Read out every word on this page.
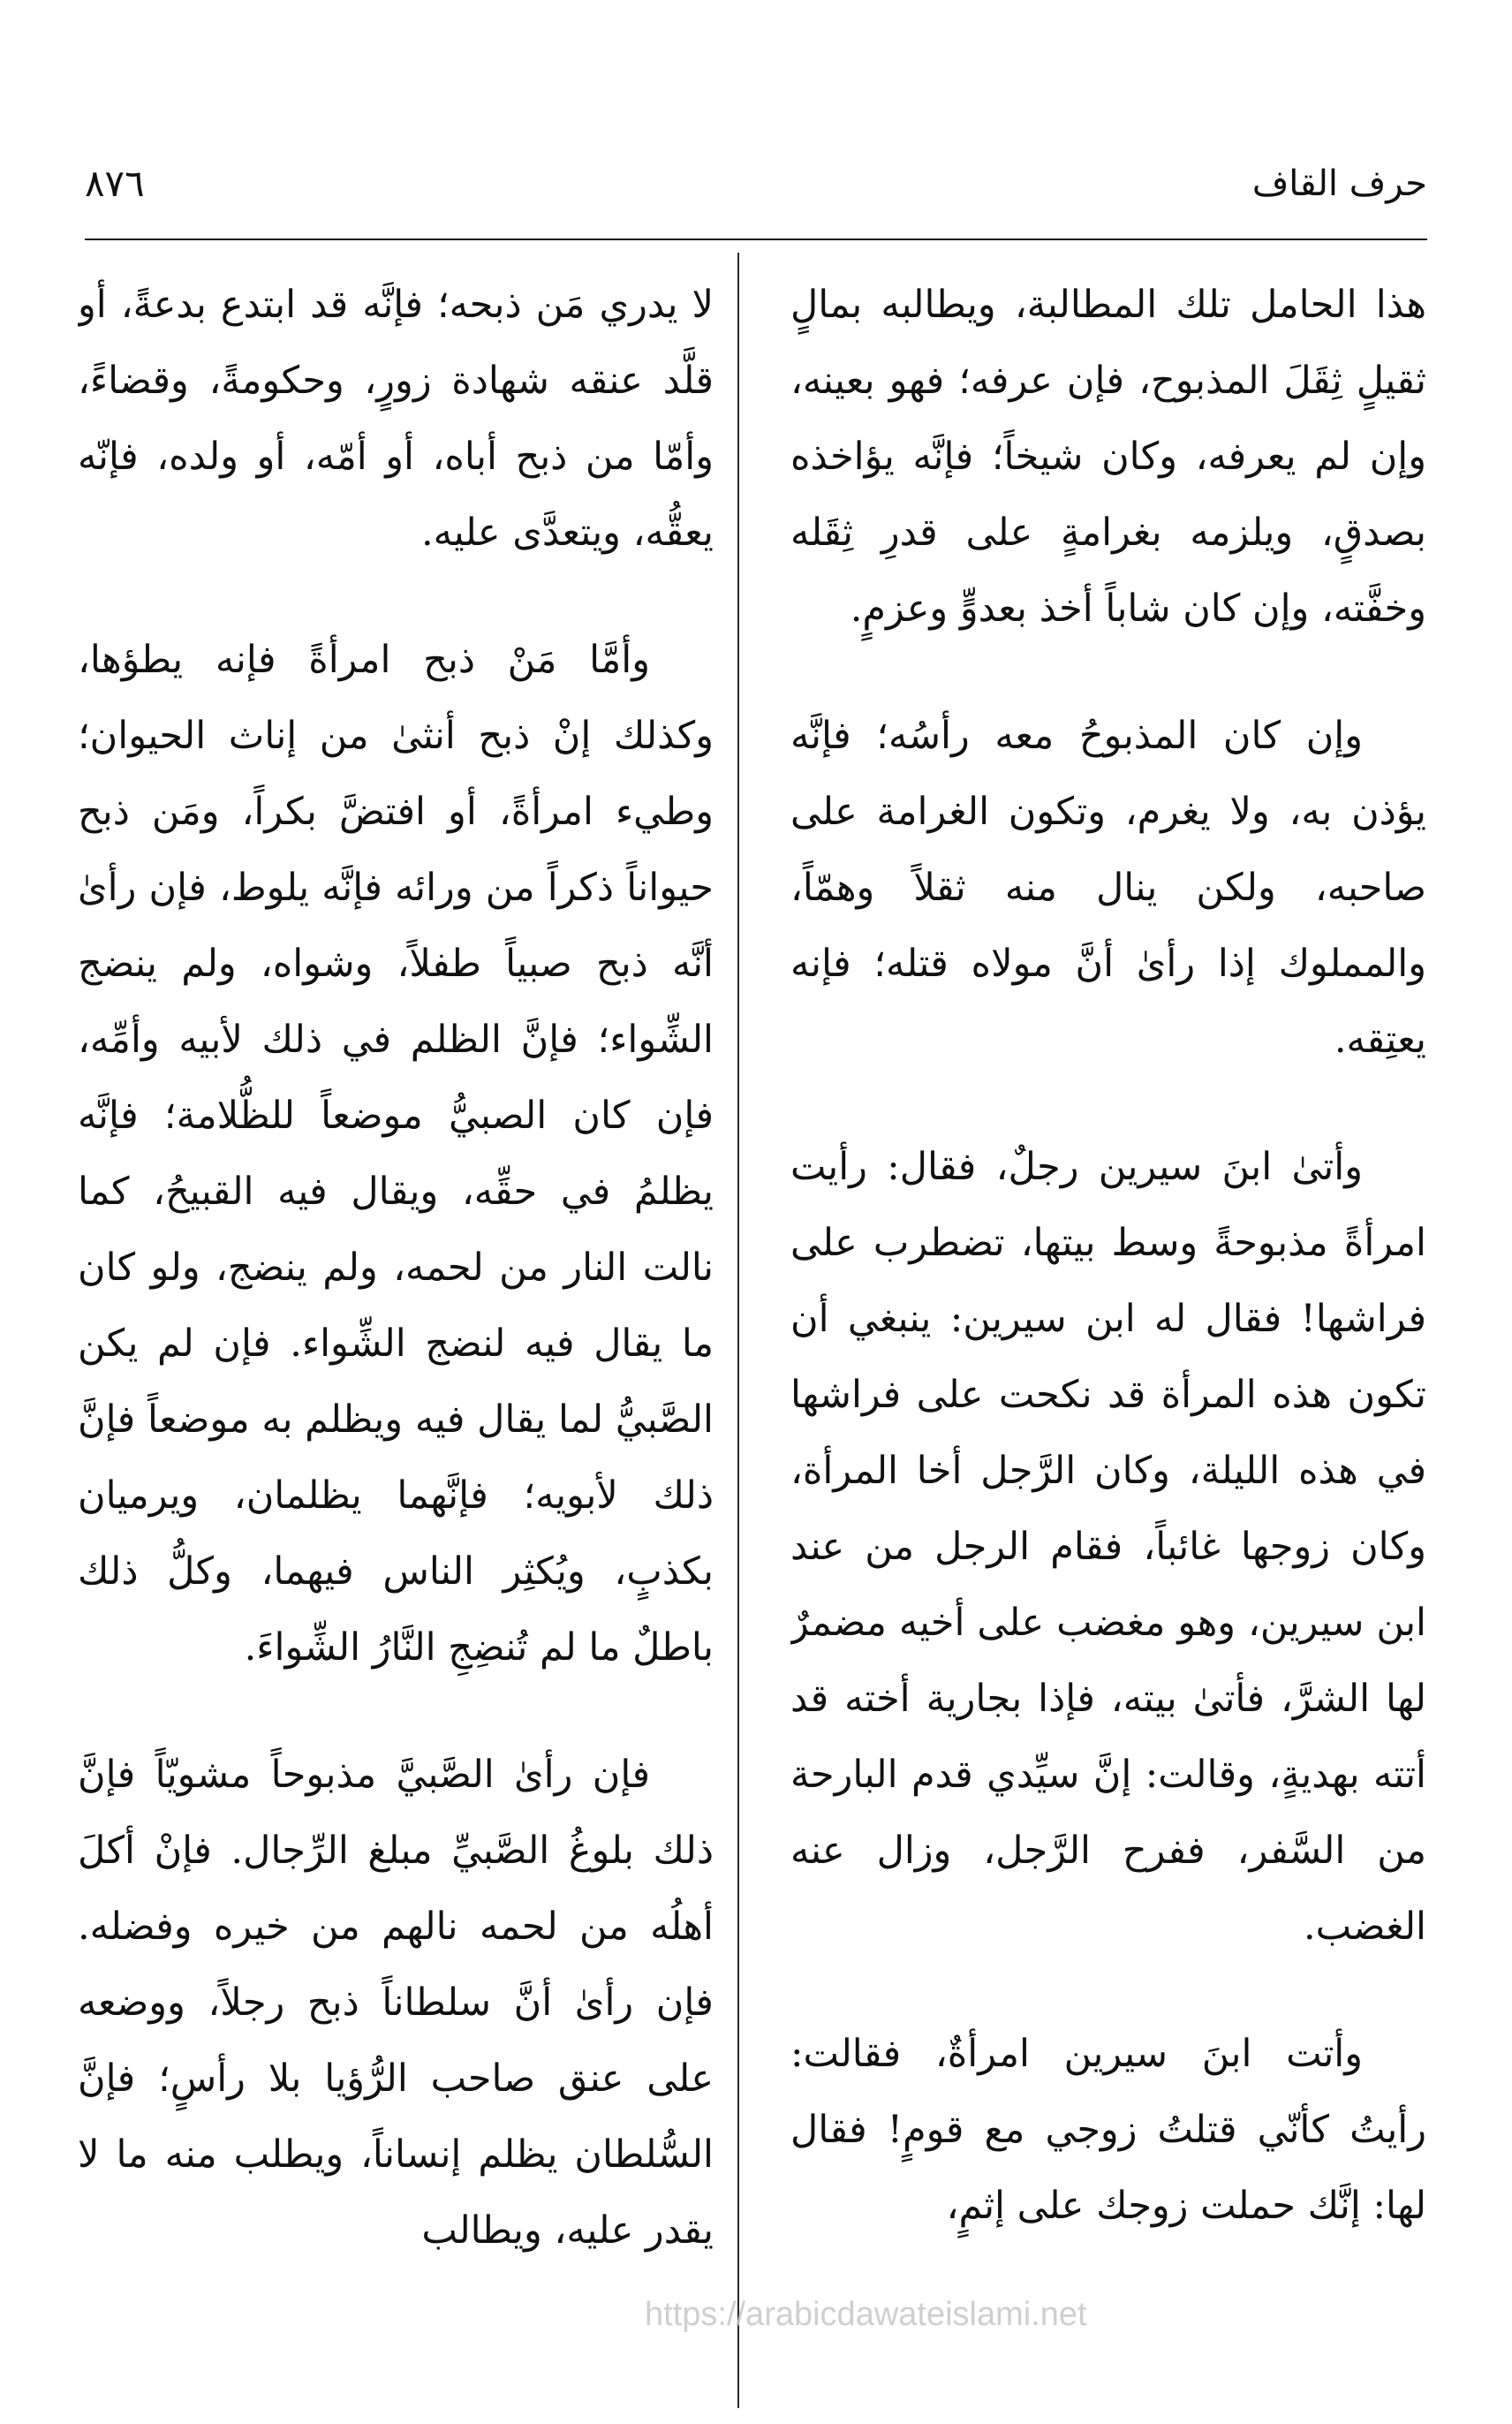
٨٧٦	حرف القاف

لا يدري مَن ذبحه؛ فإنَّه قد ابتدع بدعةً، أو قلَّد عنقه شهادة زورٍ، وحكومةً، وقضاءً، وأمّا من ذبح أباه، أو أمّه، أو ولده، فإنّه يعقُّه، ويتعدَّى عليه.

وأمَّا مَنْ ذبح امرأةً فإنه يطؤها، وكذلك إنْ ذبح أنثىٰ من إناث الحيوان؛ وطيء امرأةً، أو افتضَّ بكراً، ومَن ذبح حيواناً ذكراً من ورائه فإنَّه يلوط، فإن رأىٰ أنَّه ذبح صبياً طفلاً، وشواه، ولم ينضج الشِّواء؛ فإنَّ الظلم في ذلك لأبيه وأمِّه، فإن كان الصبيُّ موضعاً للظُّلامة؛ فإنَّه يظلمُ في حقِّه، ويقال فيه القبيحُ، كما نالت النار من لحمه، ولم ينضج، ولو كان ما يقال فيه لنضج الشِّواء. فإن لم يكن الصَّبيُّ لما يقال فيه ويظلم به موضعاً فإنَّ ذلك لأبويه؛ فإنَّهما يظلمان، ويرميان بكذبٍ، ويُكثِر الناس فيهما، وكلُّ ذلك باطلٌ ما لم تُنضِجِ النَّارُ الشِّواءَ.

فإن رأىٰ الصَّبيَّ مذبوحاً مشويّاً فإنَّ ذلك بلوغُ الصَّبيِّ مبلغ الرِّجال. فإنْ أكلَ أهلُه من لحمه نالهم من خيره وفضله. فإن رأىٰ أنَّ سلطاناً ذبح رجلاً، ووضعه على عنق صاحب الرُّؤيا بلا رأسٍ؛ فإنَّ السُّلطان يظلم إنساناً، ويطلب منه ما لا يقدر عليه، ويطالب

هذا الحامل تلك المطالبة، ويطالبه بمالٍ ثقيلٍ ثِقَلَ المذبوح، فإن عرفه؛ فهو بعينه، وإن لم يعرفه، وكان شيخاً؛ فإنَّه يؤاخذه بصدقٍ، ويلزمه بغرامةٍ على قدرِ ثِقَله وخفَّته، وإن كان شاباً أخذ بعدوٍّ وعزمٍ.

وإن كان المذبوحُ معه رأسُه؛ فإنَّه يؤذن به، ولا يغرم، وتكون الغرامة على صاحبه، ولكن ينال منه ثقلاً وهمّاً، والمملوك إذا رأىٰ أنَّ مولاه قتله؛ فإنه يعتِقه.

وأتىٰ ابنَ سيرين رجلٌ، فقال: رأيت امرأةً مذبوحةً وسط بيتها، تضطرب على فراشها! فقال له ابن سيرين: ينبغي أن تكون هذه المرأة قد نكحت على فراشها في هذه الليلة، وكان الرَّجل أخا المرأة، وكان زوجها غائباً، فقام الرجل من عند ابن سيرين، وهو مغضب على أخيه مضمرٌ لها الشرَّ، فأتىٰ بيته، فإذا بجارية أخته قد أتته بهديةٍ، وقالت: إنَّ سيِّدي قدم البارحة من السَّفر، ففرح الرَّجل، وزال عنه الغضب.

وأتت ابنَ سيرين امرأةٌ، فقالت: رأيتُ كأنّي قتلتُ زوجي مع قومٍ! فقال لها: إنَّك حملت زوجك على إثمٍ،

https://arabicdawateislami.net
